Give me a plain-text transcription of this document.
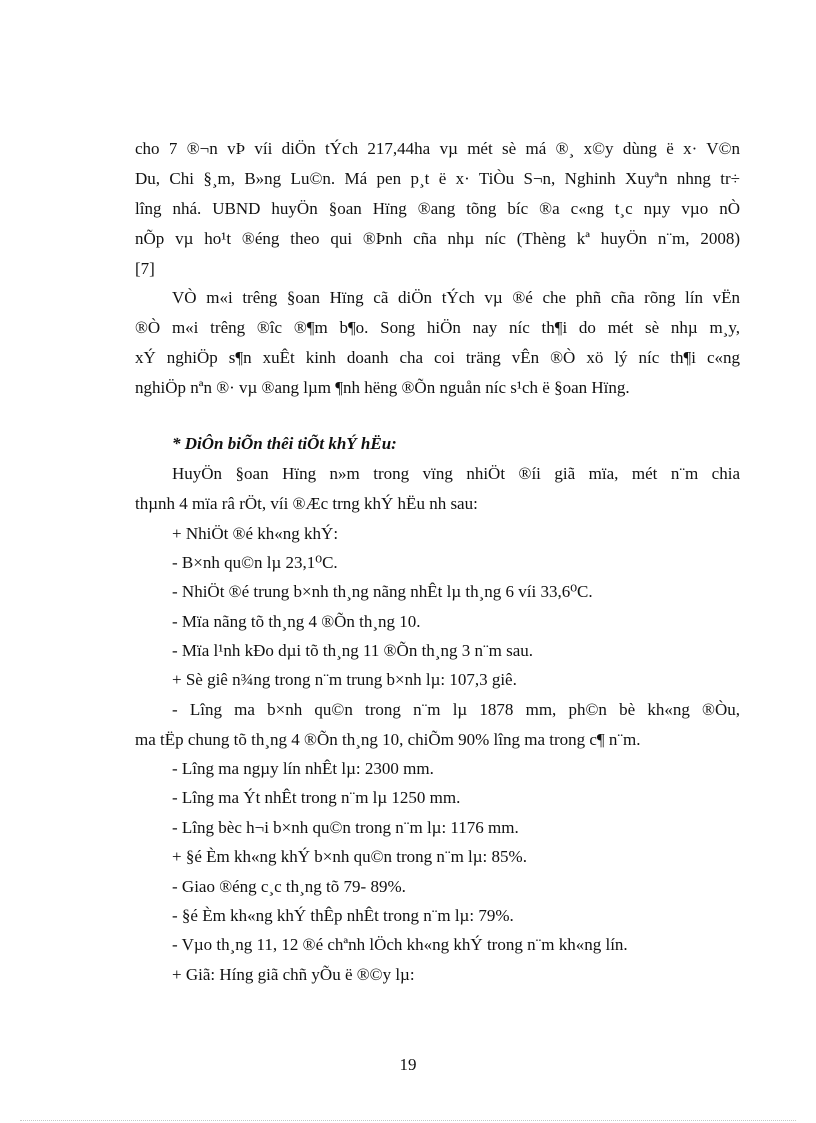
cho 7 ®¬n vÞ víi diÖn tÝch 217,44ha vµ mét sè má ®¸ x©y dùng ë x· V©n
Du, Chi §¸m, B»ng Lu©n. Má pen p¸t ë x· TiÒu S¬n, Nghinh Xuyªn nhng tr÷
lîng nhá. UBND huyÖn §oan Hïng ®ang tõng bíc ®a c«ng t¸c nµy vµo nÒ
nÕp vµ ho¹t ®éng theo qui ®Þnh cña nhµ níc (Thèng kª huyÖn n¨m, 2008)
[7]
VÒ m«i trêng §oan Hïng cã diÖn tÝch vµ ®é che phñ cña rõng lín vËn
®Ò m«i trêng ®îc ®¶m b¶o. Song hiÖn nay níc th¶i do mét sè nhµ m¸y,
xÝ nghiÖp s¶n xuÊt kinh doanh cha coi träng vÊn ®Ò xö lý níc th¶i c«ng
nghiÖp nªn ®· vµ ®ang lµm ¶nh hëng ®Õn nguån níc s¹ch ë §oan Hïng.
* DiÔn biÕn thêi tiÕt khÝ hËu:
HuyÖn §oan Hïng n»m trong vïng nhiÖt ®íi giã mïa, mét n¨m chia
thµnh 4 mïa râ rÖt, víi ®Æc trng khÝ hËu nh sau:
+ NhiÖt ®é kh«ng khÝ:
- B×nh qu©n lµ 23,1⁰C.
- NhiÖt ®é trung b×nh th¸ng nãng nhÊt lµ th¸ng 6 víi 33,6⁰C.
- Mïa nãng tõ th¸ng 4 ®Õn th¸ng 10.
- Mïa l¹nh kÐo dµi tõ th¸ng 11 ®Õn th¸ng 3 n¨m sau.
+ Sè giê n¾ng trong n¨m trung b×nh lµ: 107,3 giê.
- Lîng ma b×nh qu©n trong n¨m lµ 1878 mm, ph©n bè kh«ng ®Òu,
ma tËp chung tõ th¸ng 4 ®Õn th¸ng 10, chiÕm 90% lîng ma trong c¶ n¨m.
- Lîng ma ngµy lín nhÊt lµ: 2300 mm.
- Lîng ma Ýt nhÊt trong n¨m lµ 1250 mm.
- Lîng bèc h¬i b×nh qu©n trong n¨m lµ: 1176 mm.
+ §é Èm kh«ng khÝ b×nh qu©n trong n¨m lµ: 85%.
- Giao ®éng c¸c th¸ng tõ 79- 89%.
- §é Èm kh«ng khÝ thÊp nhÊt trong n¨m lµ: 79%.
- Vµo th¸ng 11, 12 ®é chªnh lÖch kh«ng khÝ trong n¨m kh«ng lín.
+ Giã: Híng giã chñ yÕu ë ®©y lµ:
19
